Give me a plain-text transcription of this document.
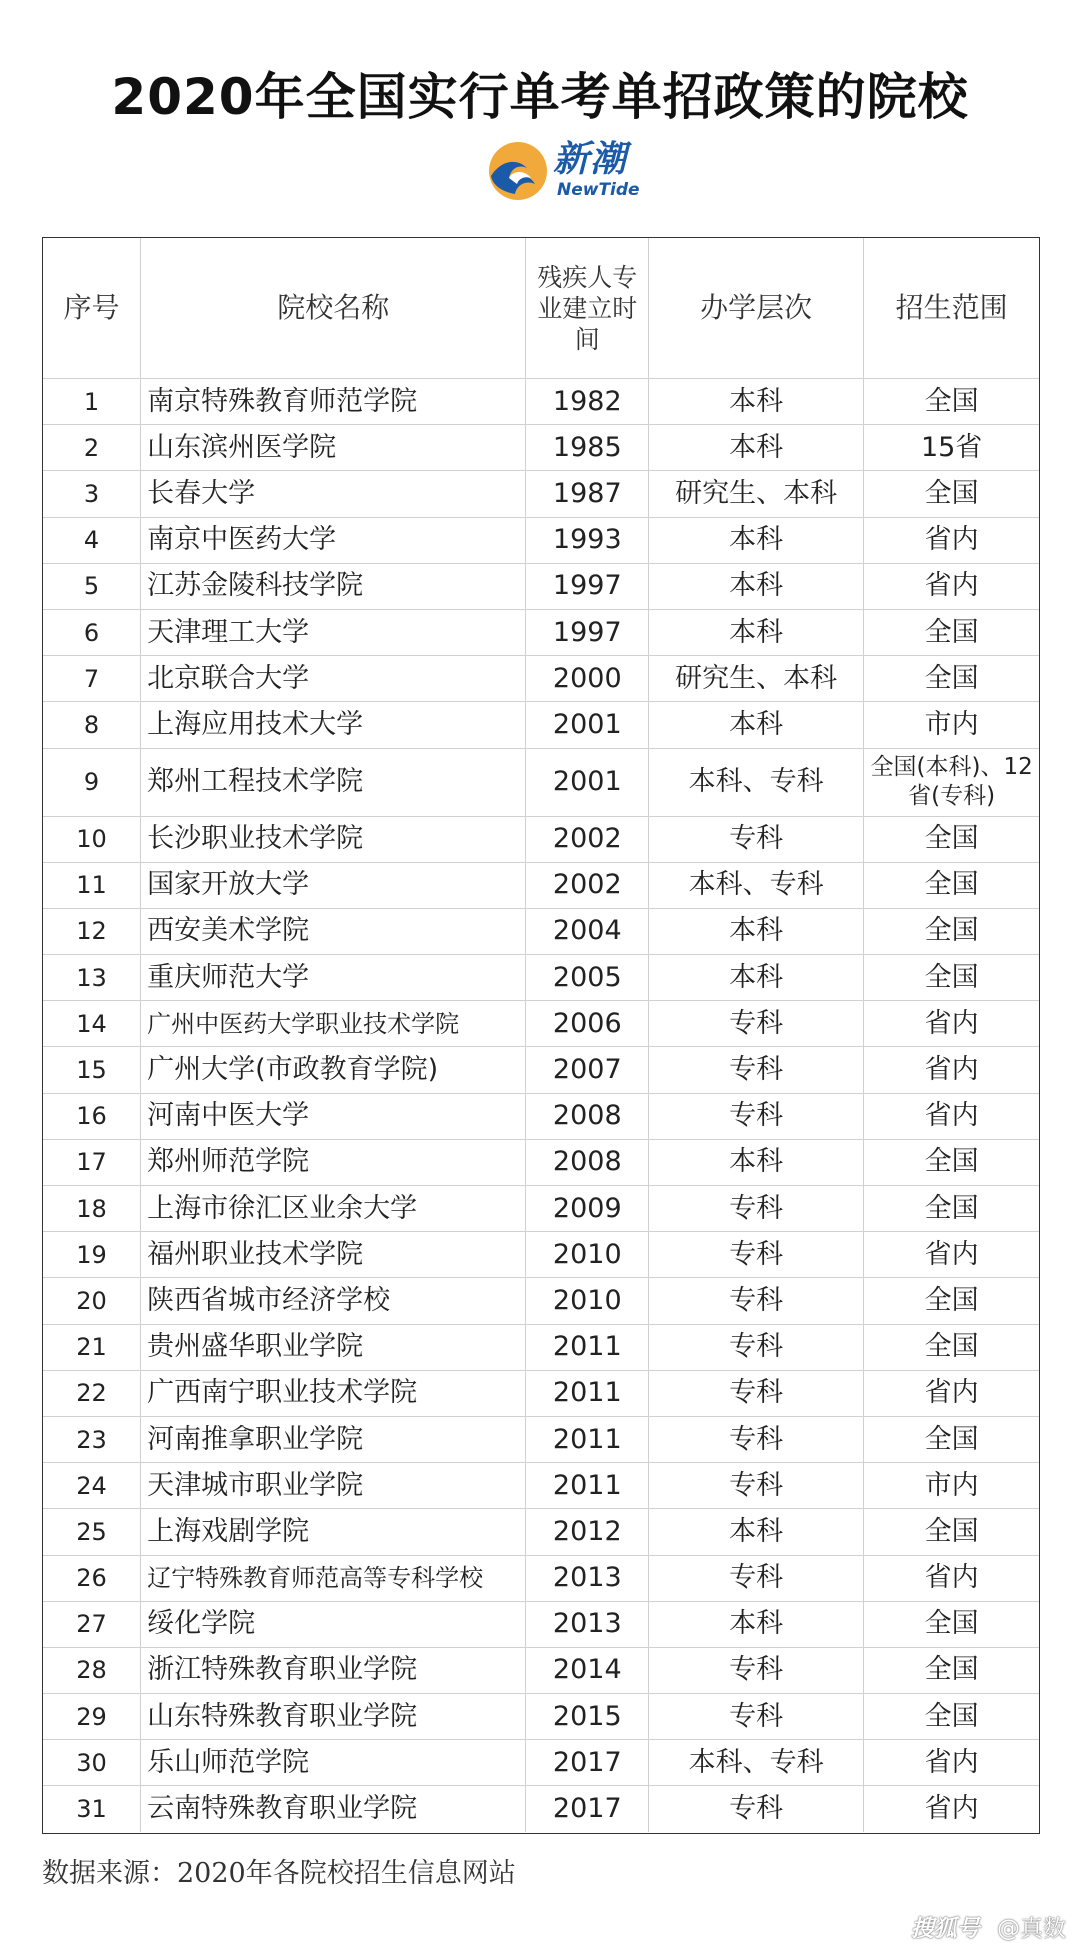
2020年全国实行单考单招政策的院校
新潮
NewTide
序号	院校名称	残疾人专业建立时间	办学层次	招生范围
1	南京特殊教育师范学院	1982	本科	全国
2	山东滨州医学院	1985	本科	15省
3	长春大学	1987	研究生、本科	全国
4	南京中医药大学	1993	本科	省内
5	江苏金陵科技学院	1997	本科	省内
6	天津理工大学	1997	本科	全国
7	北京联合大学	2000	研究生、本科	全国
8	上海应用技术大学	2001	本科	市内
9	郑州工程技术学院	2001	本科、专科	全国(本科)、12省(专科)
10	长沙职业技术学院	2002	专科	全国
11	国家开放大学	2002	本科、专科	全国
12	西安美术学院	2004	本科	全国
13	重庆师范大学	2005	本科	全国
14	广州中医药大学职业技术学院	2006	专科	省内
15	广州大学(市政教育学院)	2007	专科	省内
16	河南中医大学	2008	专科	省内
17	郑州师范学院	2008	本科	全国
18	上海市徐汇区业余大学	2009	专科	全国
19	福州职业技术学院	2010	专科	省内
20	陕西省城市经济学校	2010	专科	全国
21	贵州盛华职业学院	2011	专科	全国
22	广西南宁职业技术学院	2011	专科	省内
23	河南推拿职业学院	2011	专科	全国
24	天津城市职业学院	2011	专科	市内
25	上海戏剧学院	2012	本科	全国
26	辽宁特殊教育师范高等专科学校	2013	专科	省内
27	绥化学院	2013	本科	全国
28	浙江特殊教育职业学院	2014	专科	全国
29	山东特殊教育职业学院	2015	专科	全国
30	乐山师范学院	2017	本科、专科	省内
31	云南特殊教育职业学院	2017	专科	省内
数据来源：2020年各院校招生信息网站
搜狐号 @真数
